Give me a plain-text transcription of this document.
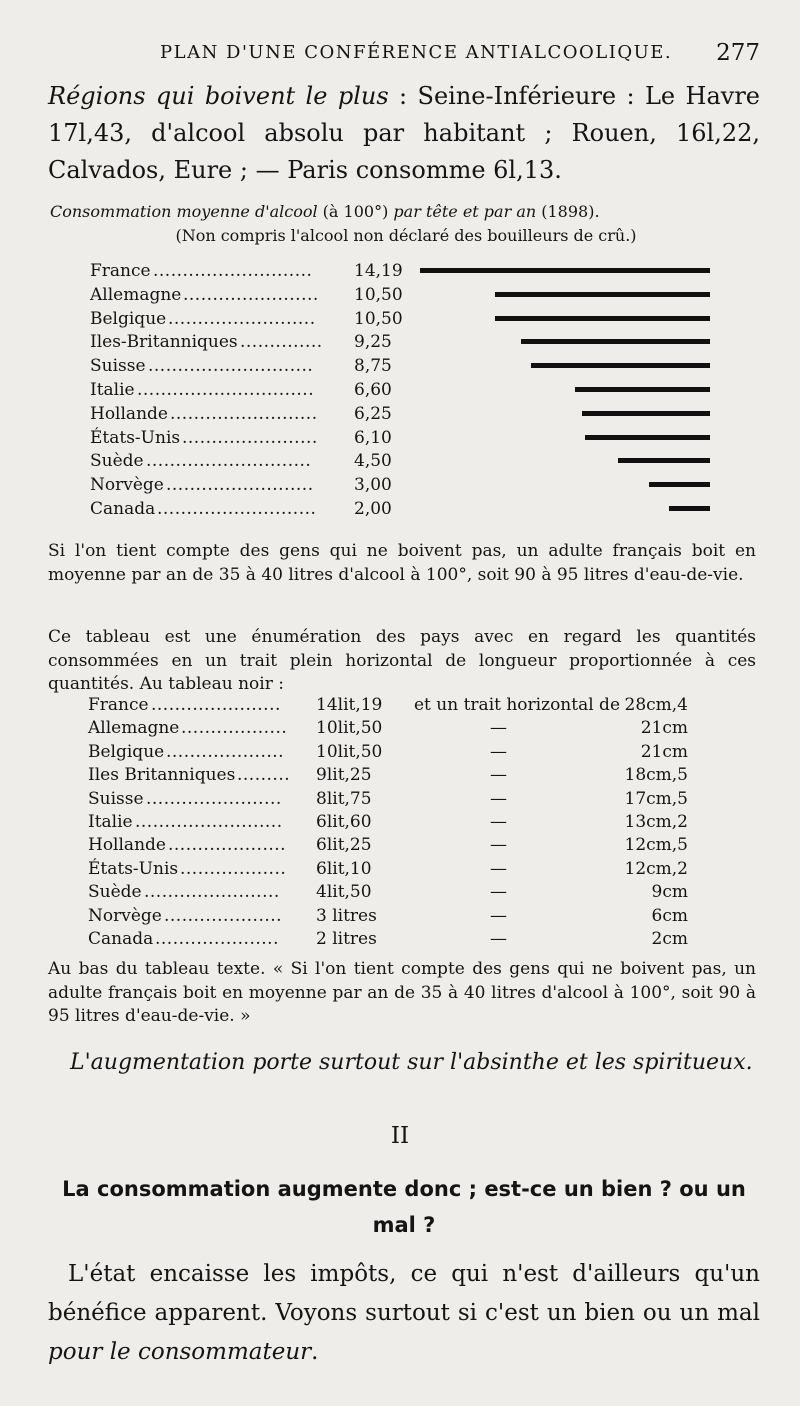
PLAN D'UNE CONFÉRENCE ANTIALCOOLIQUE. 277

Régions qui boivent le plus : Seine-Inférieure : Le Havre 17l,43, d'alcool absolu par habitant ; Rouen, 16l,22, Calvados, Eure ; — Paris consomme 6l,13.

Consommation moyenne d'alcool (à 100°) par tête et par an (1898).
(Non compris l'alcool non déclaré des bouilleurs de crû.)

France ........................... 14,19
Allemagne ....................... 10,50
Belgique ......................... 10,50
Iles-Britanniques .............. 9,25
Suisse ............................ 8,75
Italie .............................. 6,60
Hollande ......................... 6,25
États-Unis ....................... 6,10
Suède ............................	4,50
Norvège ......................... 3,00
Canada ........................... 2,00

Si l'on tient compte des gens qui ne boivent pas, un adulte français boit en moyenne par an de 35 à 40 litres d'alcool à 100°, soit 90 à 95 litres d'eau-de-vie.

Ce tableau est une énumération des pays avec en regard les quantités consommées en un trait plein horizontal de longueur proportionnée à ces quantités. Au tableau noir :

France ...................... 14lit,19 et un trait horizontal de 28cm,4
Allemagne .................. 10lit,50	—	21cm
Belgique .................... 10lit,50	—	21cm
Iles Britanniques ......... 9lit,25	—	18cm,5
Suisse ....................... 8lit,75	—	17cm,5
Italie ......................... 6lit,60	—	13cm,2
Hollande .................... 6lit,25	—	12cm,5
États-Unis .................. 6lit,10	—	12cm,2
Suède ....................... 4lit,50	—	9cm
Norvège .................... 3 litres	—	6cm
Canada ..................... 2 litres	—	2cm

Au bas du tableau texte. « Si l'on tient compte des gens qui ne boivent pas, un adulte français boit en moyenne par an de 35 à 40 litres d'alcool à 100°, soit 90 à 95 litres d'eau-de-vie. »

L'augmentation porte surtout sur l'absinthe et les spiritueux.

II

La consommation augmente donc ; est-ce un bien ? ou un mal ?

L'état encaisse les impôts, ce qui n'est d'ailleurs qu'un bénéfice apparent. Voyons surtout si c'est un bien ou un mal pour le consommateur.
